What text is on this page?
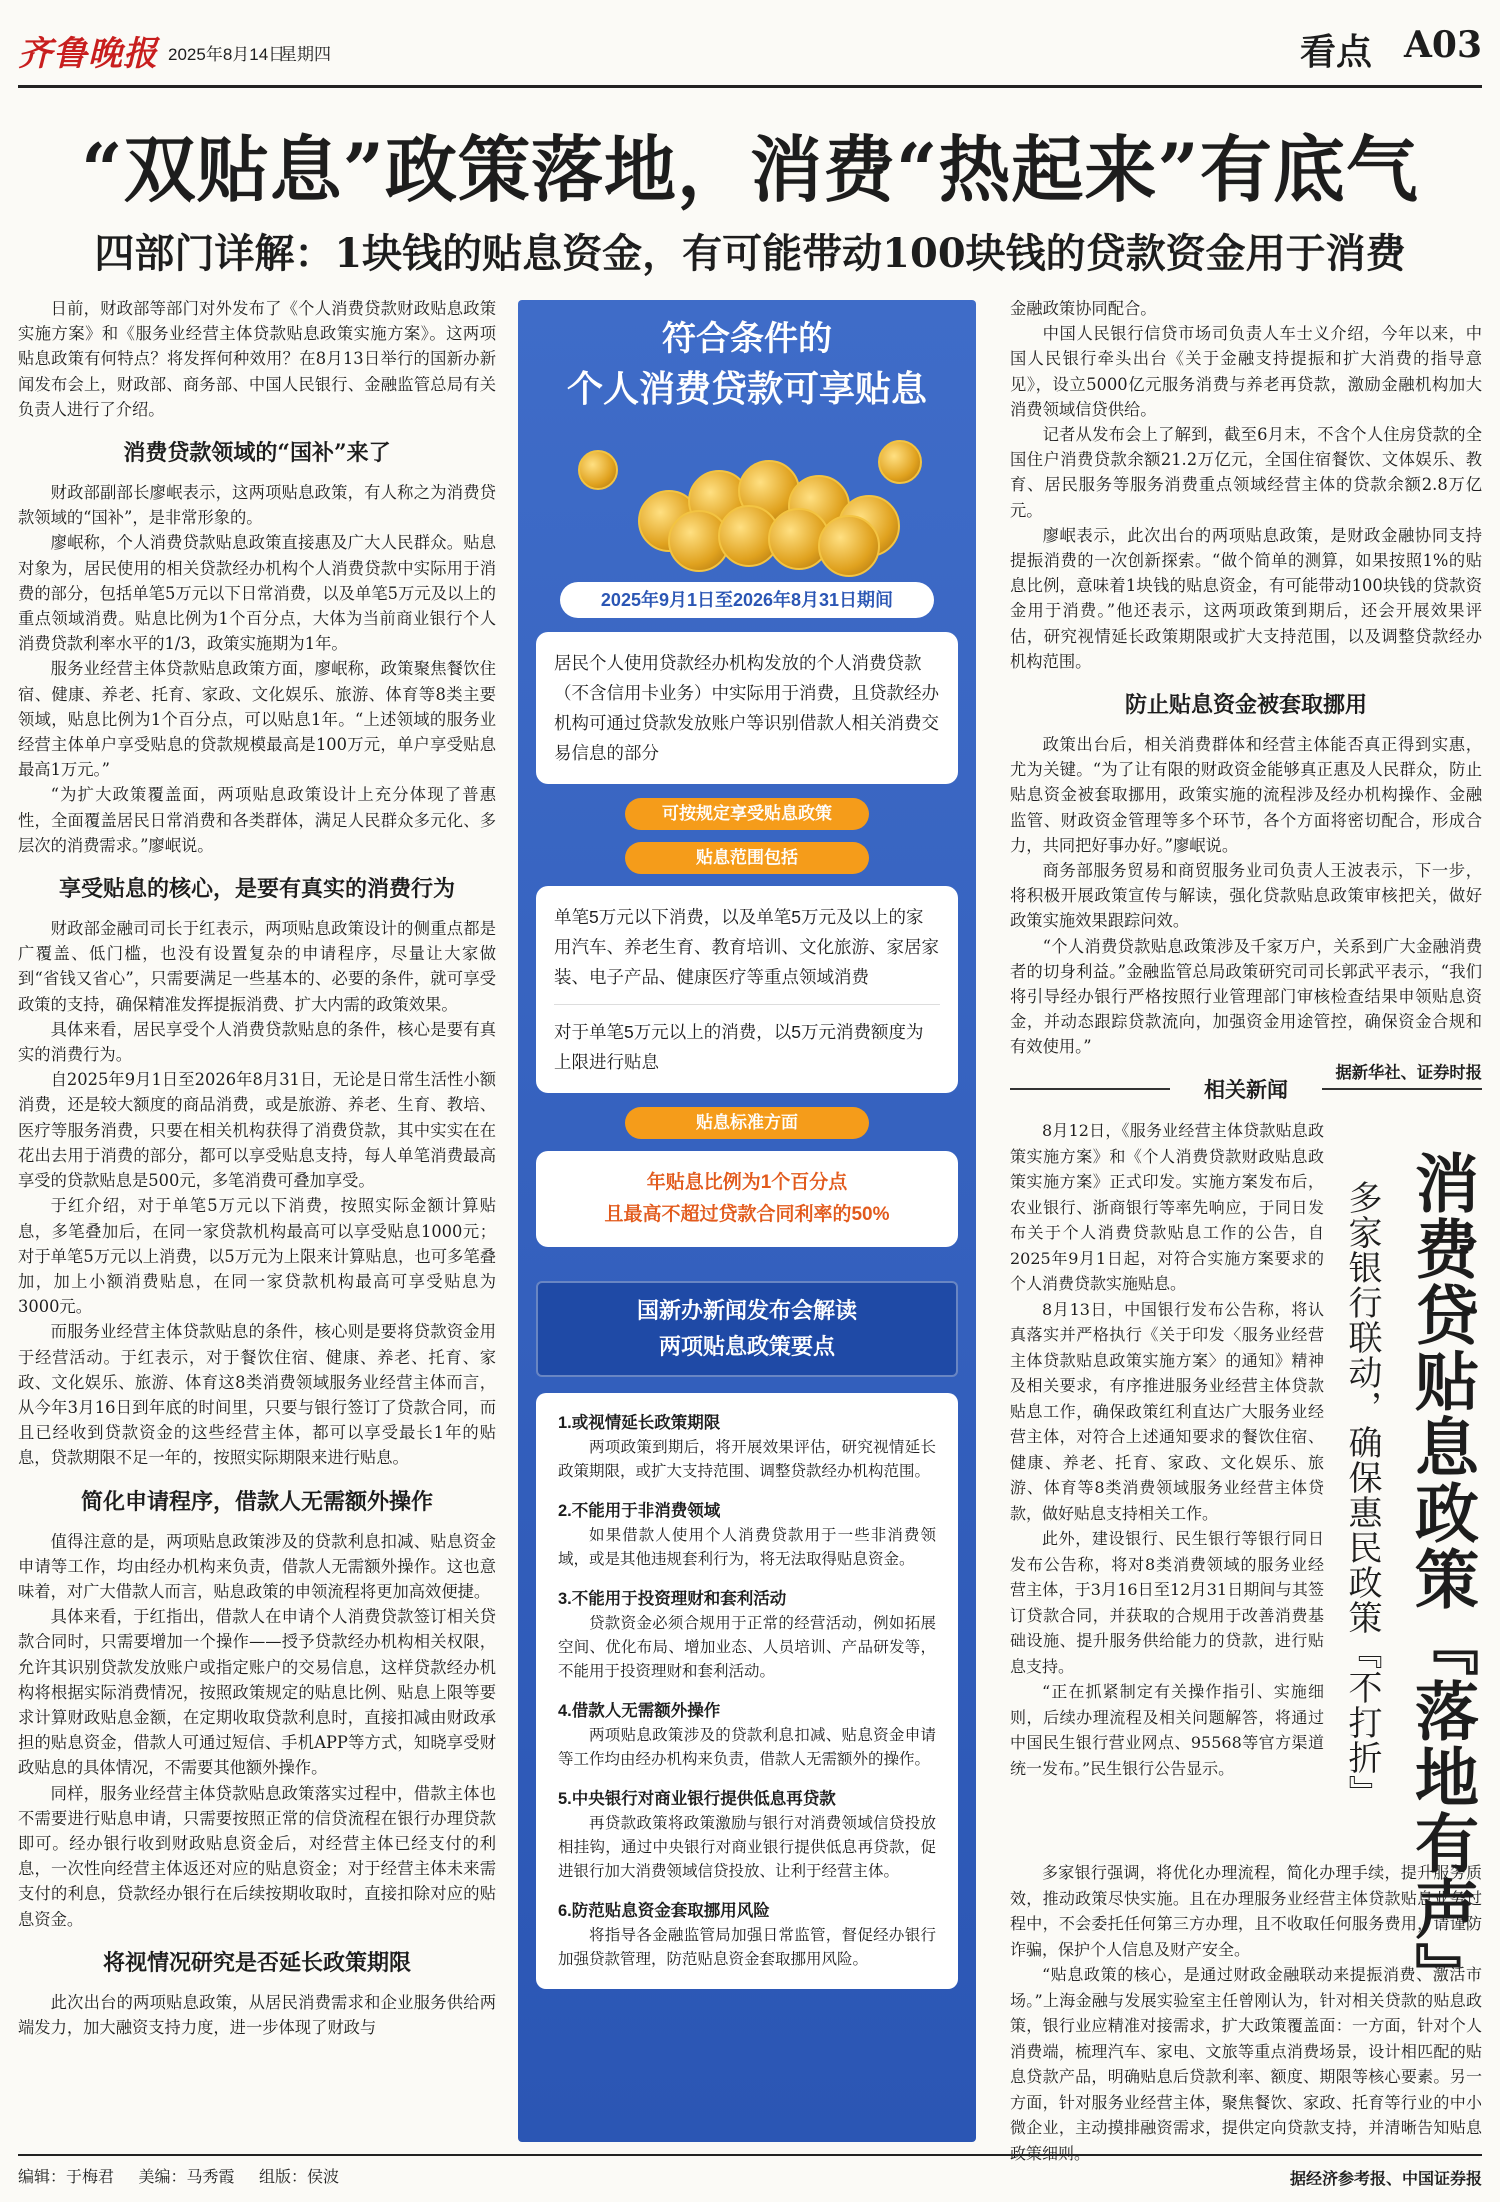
齐鲁晚报 2025年8月14日
星期四	看点 A03
“双贴息”政策落地，消费“热起来”有底气
四部门详解：1块钱的贴息资金，有可能带动100块钱的贷款资金用于消费

日前，财政部等部门对外发布了《个人消费贷款财政贴息政策实施方案》和《服务业经营主体贷款贴息政策实施方案》。这两项贴息政策有何特点？将发挥何种效用？在8月13日举行的国新办新闻发布会上，财政部、商务部、中国人民银行、金融监管总局有关负责人进行了介绍。

消费贷款领域的“国补”来了

财政部副部长廖岷表示，这两项贴息政策，有人称之为消费贷款领域的“国补”，是非常形象的。

廖岷称，个人消费贷款贴息政策直接惠及广大人民群众。贴息对象为，居民使用的相关贷款经办机构个人消费贷款中实际用于消费的部分，包括单笔5万元以下日常消费，以及单笔5万元及以上的重点领域消费。贴息比例为1个百分点，大体为当前商业银行个人消费贷款利率水平的1/3，政策实施期为1年。

服务业经营主体贷款贴息政策方面，廖岷称，政策聚焦餐饮住宿、健康、养老、托育、家政、文化娱乐、旅游、体育等8类主要领域，贴息比例为1个百分点，可以贴息1年。“上述领域的服务业经营主体单户享受贴息的贷款规模最高是100万元，单户享受贴息最高1万元。”

“为扩大政策覆盖面，两项贴息政策设计上充分体现了普惠性，全面覆盖居民日常消费和各类群体，满足人民群众多元化、多层次的消费需求。”廖岷说。

享受贴息的核心，是要有真实的消费行为

财政部金融司司长于红表示，两项贴息政策设计的侧重点都是广覆盖、低门槛，也没有设置复杂的申请程序，尽量让大家做到“省钱又省心”，只需要满足一些基本的、必要的条件，就可享受政策的支持，确保精准发挥提振消费、扩大内需的政策效果。

具体来看，居民享受个人消费贷款贴息的条件，核心是要有真实的消费行为。

自2025年9月1日至2026年8月31日，无论是日常生活性小额消费，还是较大额度的商品消费，或是旅游、养老、生育、教培、医疗等服务消费，只要在相关机构获得了消费贷款，其中实实在在花出去用于消费的部分，都可以享受贴息支持，每人单笔消费最高享受的贷款贴息是500元，多笔消费可叠加享受。

于红介绍，对于单笔5万元以下消费，按照实际金额计算贴息，多笔叠加后，在同一家贷款机构最高可以享受贴息1000元；对于单笔5万元以上消费，以5万元为上限来计算贴息，也可多笔叠加，加上小额消费贴息，在同一家贷款机构最高可享受贴息为3000元。

而服务业经营主体贷款贴息的条件，核心则是要将贷款资金用于经营活动。于红表示，对于餐饮住宿、健康、养老、托育、家政、文化娱乐、旅游、体育这8类消费领域服务业经营主体而言，从今年3月16日到年底的时间里，只要与银行签订了贷款合同，而且已经收到贷款资金的这些经营主体，都可以享受最长1年的贴息，贷款期限不足一年的，按照实际期限来进行贴息。

简化申请程序，借款人无需额外操作

值得注意的是，两项贴息政策涉及的贷款利息扣减、贴息资金申请等工作，均由经办机构来负责，借款人无需额外操作。这也意味着，对广大借款人而言，贴息政策的申领流程将更加高效便捷。

具体来看，于红指出，借款人在申请个人消费贷款签订相关贷款合同时，只需要增加一个操作——授予贷款经办机构相关权限，允许其识别贷款发放账户或指定账户的交易信息，这样贷款经办机构将根据实际消费情况，按照政策规定的贴息比例、贴息上限等要求计算财政贴息金额，在定期收取贷款利息时，直接扣减由财政承担的贴息资金，借款人可通过短信、手机APP等方式，知晓享受财政贴息的具体情况，不需要其他额外操作。

同样，服务业经营主体贷款贴息政策落实过程中，借款主体也不需要进行贴息申请，只需要按照正常的信贷流程在银行办理贷款即可。经办银行收到财政贴息资金后，对经营主体已经支付的利息，一次性向经营主体返还对应的贴息资金；对于经营主体未来需支付的利息，贷款经办银行在后续按期收取时，直接扣除对应的贴息资金。

将视情况研究是否延长政策期限

此次出台的两项贴息政策，从居民消费需求和企业服务供给两端发力，加大融资支持力度，进一步体现了财政与

符合条件的
个人消费贷款可享贴息
2025年9月1日至2026年8月31日期间

居民个人使用贷款经办机构发放的个人消费贷款（不含信用卡业务）中实际用于消费，且贷款经办机构可通过贷款发放账户等识别借款人相关消费交易信息的部分

可按规定享受贴息政策
贴息范围包括

单笔5万元以下消费，以及单笔5万元及以上的家用汽车、养老生育、教育培训、文化旅游、家居家装、电子产品、健康医疗等重点领域消费

对于单笔5万元以上的消费，以5万元消费额度为上限进行贴息

贴息标准方面
年贴息比例为1个百分点
且最高不超过贷款合同利率的50%
国新办新闻发布会解读
两项贴息政策要点
1.或视情延长政策期限

两项政策到期后，将开展效果评估，研究视情延长政策期限，或扩大支持范围、调整贷款经办机构范围。

2.不能用于非消费领域

如果借款人使用个人消费贷款用于一些非消费领域，或是其他违规套利行为，将无法取得贴息资金。

3.不能用于投资理财和套利活动

贷款资金必须合规用于正常的经营活动，例如拓展空间、优化布局、增加业态、人员培训、产品研发等，不能用于投资理财和套利活动。

4.借款人无需额外操作

两项贴息政策涉及的贷款利息扣减、贴息资金申请等工作均由经办机构来负责，借款人无需额外的操作。

5.中央银行对商业银行提供低息再贷款

再贷款政策将政策激励与银行对消费领域信贷投放相挂钩，通过中央银行对商业银行提供低息再贷款，促进银行加大消费领域信贷投放、让利于经营主体。

6.防范贴息资金套取挪用风险

将指导各金融监管局加强日常监管，督促经办银行加强贷款管理，防范贴息资金套取挪用风险。

金融政策协同配合。

中国人民银行信贷市场司负责人车士义介绍，今年以来，中国人民银行牵头出台《关于金融支持提振和扩大消费的指导意见》，设立5000亿元服务消费与养老再贷款，激励金融机构加大消费领域信贷供给。

记者从发布会上了解到，截至6月末，不含个人住房贷款的全国住户消费贷款余额21.2万亿元，全国住宿餐饮、文体娱乐、教育、居民服务等服务消费重点领域经营主体的贷款余额2.8万亿元。

廖岷表示，此次出台的两项贴息政策，是财政金融协同支持提振消费的一次创新探索。“做个简单的测算，如果按照1%的贴息比例，意味着1块钱的贴息资金，有可能带动100块钱的贷款资金用于消费。”他还表示，这两项政策到期后，还会开展效果评估，研究视情延长政策期限或扩大支持范围，以及调整贷款经办机构范围。

防止贴息资金被套取挪用

政策出台后，相关消费群体和经营主体能否真正得到实惠，尤为关键。“为了让有限的财政资金能够真正惠及人民群众，防止贴息资金被套取挪用，政策实施的流程涉及经办机构操作、金融监管、财政资金管理等多个环节，各个方面将密切配合，形成合力，共同把好事办好。”廖岷说。

商务部服务贸易和商贸服务业司负责人王波表示，下一步，将积极开展政策宣传与解读，强化贷款贴息政策审核把关，做好政策实施效果跟踪问效。

“个人消费贷款贴息政策涉及千家万户，关系到广大金融消费者的切身利益。”金融监管总局政策研究司司长郭武平表示，“我们将引导经办银行严格按照行业管理部门审核检查结果申领贴息资金，并动态跟踪贷款流向，加强资金用途管控，确保资金合规和有效使用。”

据新华社、证券时报

相关新闻
消费贷贴息政策『落地有声』
多家银行联动，确保惠民政策『不打折』

8月12日，《服务业经营主体贷款贴息政策实施方案》和《个人消费贷款财政贴息政策实施方案》正式印发。实施方案发布后，农业银行、浙商银行等率先响应，于同日发布关于个人消费贷款贴息工作的公告，自2025年9月1日起，对符合实施方案要求的个人消费贷款实施贴息。

8月13日，中国银行发布公告称，将认真落实并严格执行《关于印发〈服务业经营主体贷款贴息政策实施方案〉的通知》精神及相关要求，有序推进服务业经营主体贷款贴息工作，确保政策红利直达广大服务业经营主体，对符合上述通知要求的餐饮住宿、健康、养老、托育、家政、文化娱乐、旅游、体育等8类消费领域服务业经营主体贷款，做好贴息支持相关工作。

此外，建设银行、民生银行等银行同日发布公告称，将对8类消费领域的服务业经营主体，于3月16日至12月31日期间与其签订贷款合同，并获取的合规用于改善消费基础设施、提升服务供给能力的贷款，进行贴息支持。

“正在抓紧制定有关操作指引、实施细则，后续办理流程及相关问题解答，将通过中国民生银行营业网点、95568等官方渠道统一发布。”民生银行公告显示。

多家银行强调，将优化办理流程，简化办理手续，提升服务质效，推动政策尽快实施。且在办理服务业经营主体贷款贴息业务过程中，不会委托任何第三方办理，且不收取任何服务费用，请谨防诈骗，保护个人信息及财产安全。

“贴息政策的核心，是通过财政金融联动来提振消费、激活市场。”上海金融与发展实验室主任曾刚认为，针对相关贷款的贴息政策，银行业应精准对接需求，扩大政策覆盖面：一方面，针对个人消费端，梳理汽车、家电、文旅等重点消费场景，设计相匹配的贴息贷款产品，明确贴息后贷款利率、额度、期限等核心要素。另一方面，针对服务业经营主体，聚焦餐饮、家政、托育等行业的中小微企业，主动摸排融资需求，提供定向贷款支持，并清晰告知贴息政策细则。

据经济参考报、中国证券报

编辑：于梅君 美编：马秀霞 组版：侯波
